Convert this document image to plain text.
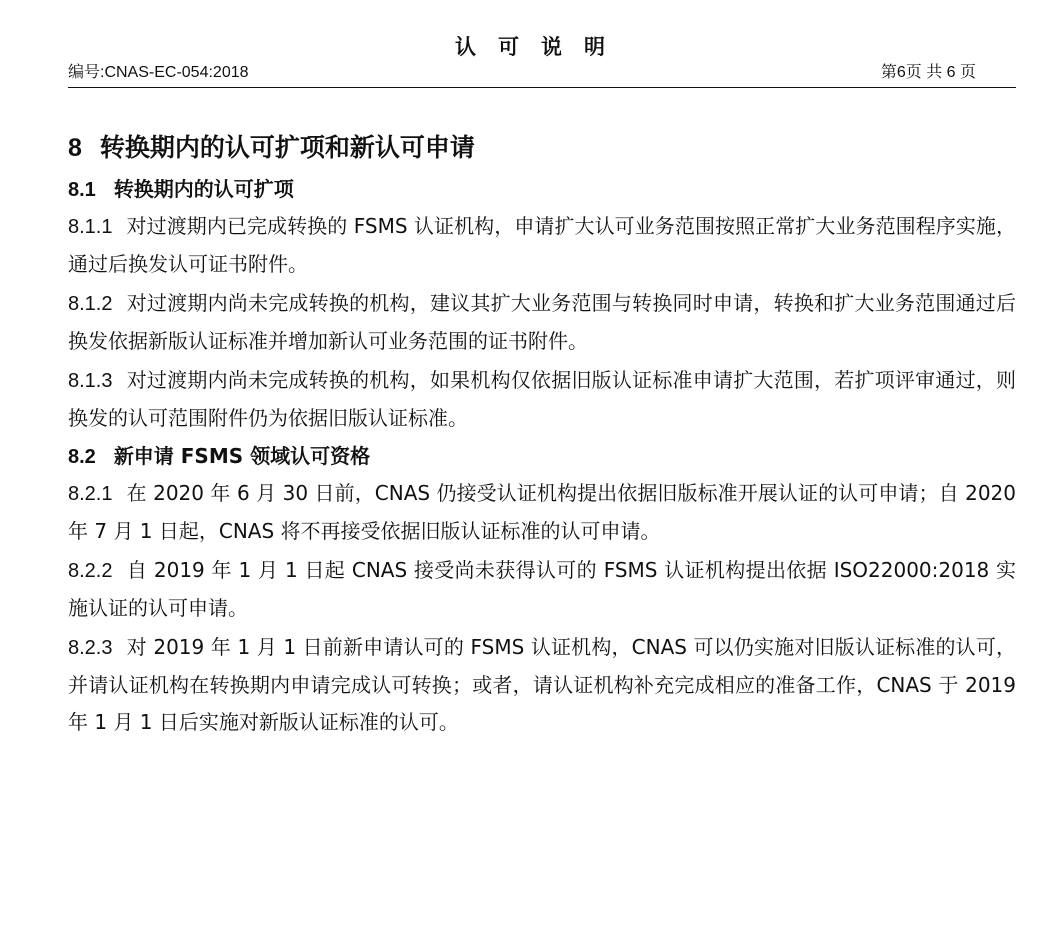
认可说明
编号:CNAS-EC-054:2018	第6页 共 6 页
8 转换期内的认可扩项和新认可申请
8.1 转换期内的认可扩项

8.1.1 对过渡期内已完成转换的 FSMS 认证机构，申请扩大认可业务范围按照正常扩大业务范围程序实施，通过后换发认可证书附件。

8.1.2 对过渡期内尚未完成转换的机构，建议其扩大业务范围与转换同时申请，转换和扩大业务范围通过后换发依据新版认证标准并增加新认可业务范围的证书附件。

8.1.3 对过渡期内尚未完成转换的机构，如果机构仅依据旧版认证标准申请扩大范围，若扩项评审通过，则换发的认可范围附件仍为依据旧版认证标准。

8.2 新申请 FSMS 领域认可资格

8.2.1 在 2020 年 6 月 30 日前，CNAS 仍接受认证机构提出依据旧版标准开展认证的认可申请；自 2020 年 7 月 1 日起，CNAS 将不再接受依据旧版认证标准的认可申请。

8.2.2 自 2019 年 1 月 1 日起 CNAS 接受尚未获得认可的 FSMS 认证机构提出依据 ISO22000:2018 实施认证的认可申请。

8.2.3 对 2019 年 1 月 1 日前新申请认可的 FSMS 认证机构，CNAS 可以仍实施对旧版认证标准的认可，并请认证机构在转换期内申请完成认可转换；或者，请认证机构补充完成相应的准备工作，CNAS 于 2019 年 1 月 1 日后实施对新版认证标准的认可。
